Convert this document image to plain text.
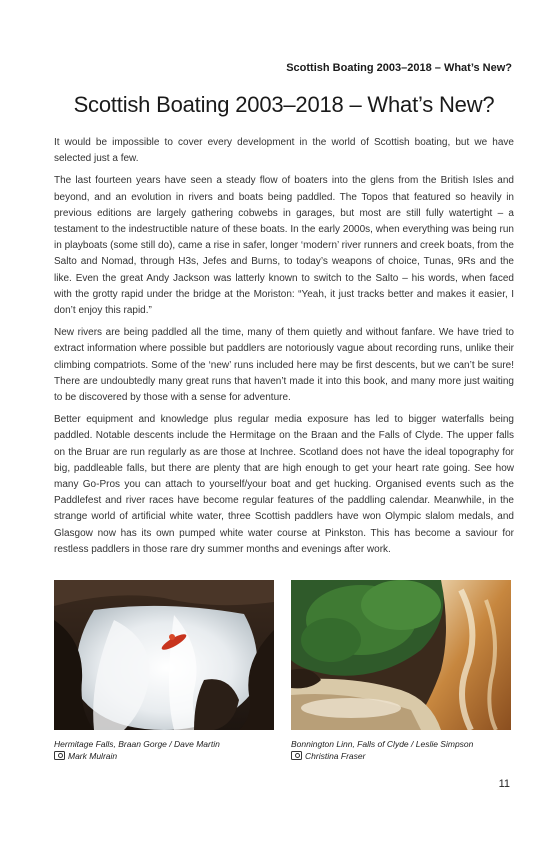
Scottish Boating 2003–2018 – What’s New?
Scottish Boating 2003–2018 – What’s New?

It would be impossible to cover every development in the world of Scottish boating, but we have selected just a few.

The last fourteen years have seen a steady flow of boaters into the glens from the British Isles and beyond, and an evolution in rivers and boats being paddled. The Topos that featured so heavily in previous editions are largely gathering cobwebs in garages, but most are still fully watertight – a testament to the indestructible nature of these boats. In the early 2000s, when everything was being run in playboats (some still do), came a rise in safer, longer ‘modern’ river runners and creek boats, from the Salto and Nomad, through H3s, Jefes and Burns, to today’s weapons of choice, Tunas, 9Rs and the like. Even the great Andy Jackson was latterly known to switch to the Salto – his words, when faced with the grotty rapid under the bridge at the Moriston: “Yeah, it just tracks better and makes it easier, I don’t enjoy this rapid.”

New rivers are being paddled all the time, many of them quietly and without fanfare. We have tried to extract information where possible but paddlers are notoriously vague about recording runs, unlike their climbing compatriots. Some of the ‘new’ runs included here may be first descents, but we can’t be sure! There are undoubtedly many great runs that haven’t made it into this book, and many more just waiting to be discovered by those with a sense for adventure.

Better equipment and knowledge plus regular media exposure has led to bigger waterfalls being paddled. Notable descents include the Hermitage on the Braan and the Falls of Clyde. The upper falls on the Bruar are run regularly as are those at Inchree. Scotland does not have the ideal topography for big, paddleable falls, but there are plenty that are high enough to get your heart rate going. See how many Go-Pros you can attach to yourself/your boat and get hucking. Organised events such as the Paddlefest and river races have become regular features of the paddling calendar. Meanwhile, in the strange world of artificial white water, three Scottish paddlers have won Olympic slalom medals, and Glasgow now has its own pumped white water course at Pinkston. This has become a saviour for restless paddlers in those rare dry summer months and evenings after work.

Hermitage Falls, Braan Gorge / Dave Martin
Mark Mulrain
Bonnington Linn, Falls of Clyde / Leslie Simpson
Christina Fraser
11
